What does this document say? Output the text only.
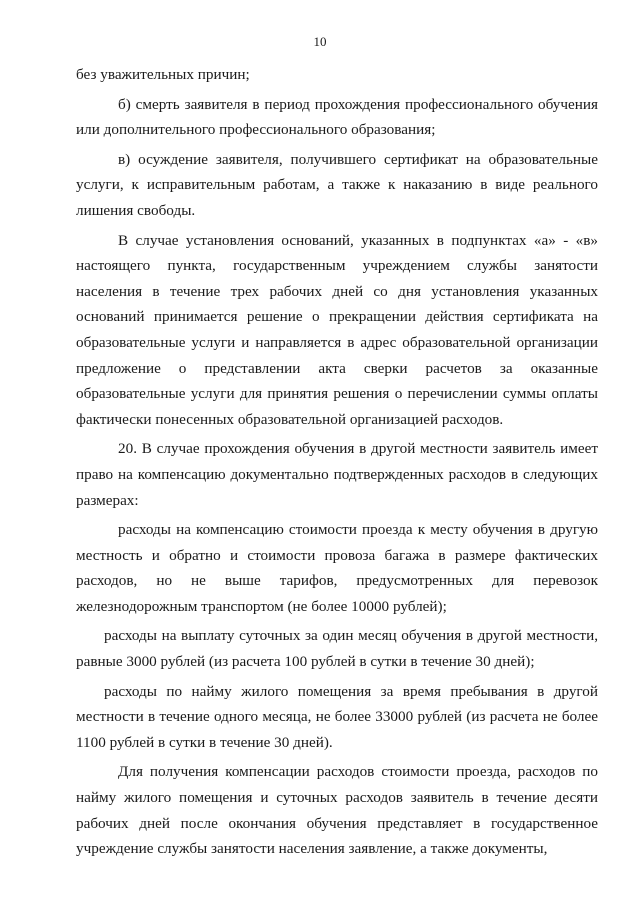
10

без уважительных причин;

б) смерть заявителя в период прохождения профессионального обучения или дополнительного профессионального образования;

в) осуждение заявителя, получившего сертификат на образовательные услуги, к исправительным работам, а также к наказанию в виде реального лишения свободы.

В случае установления оснований, указанных в подпунктах «а» - «в» настоящего пункта, государственным учреждением службы занятости населения в течение трех рабочих дней со дня установления указанных оснований принимается решение о прекращении действия сертификата на образовательные услуги и направляется в адрес образовательной организации предложение о представлении акта сверки расчетов за оказанные образовательные услуги для принятия решения о перечислении суммы оплаты фактически понесенных образовательной организацией расходов.

20. В случае прохождения обучения в другой местности заявитель имеет право на компенсацию документально подтвержденных расходов в следующих размерах:

расходы на компенсацию стоимости проезда к месту обучения в другую местность и обратно и стоимости провоза багажа в размере фактических расходов, но не выше тарифов, предусмотренных для перевозок железнодорожным транспортом (не более 10000 рублей);

расходы на выплату суточных за один месяц обучения в другой местности, равные 3000 рублей (из расчета 100 рублей в сутки в течение 30 дней);

расходы по найму жилого помещения за время пребывания в другой местности в течение одного месяца, не более 33000 рублей (из расчета не более 1100 рублей в сутки в течение 30 дней).

Для получения компенсации расходов стоимости проезда, расходов по найму жилого помещения и суточных расходов заявитель в течение десяти рабочих дней после окончания обучения представляет в государственное учреждение службы занятости населения заявление, а также документы,
